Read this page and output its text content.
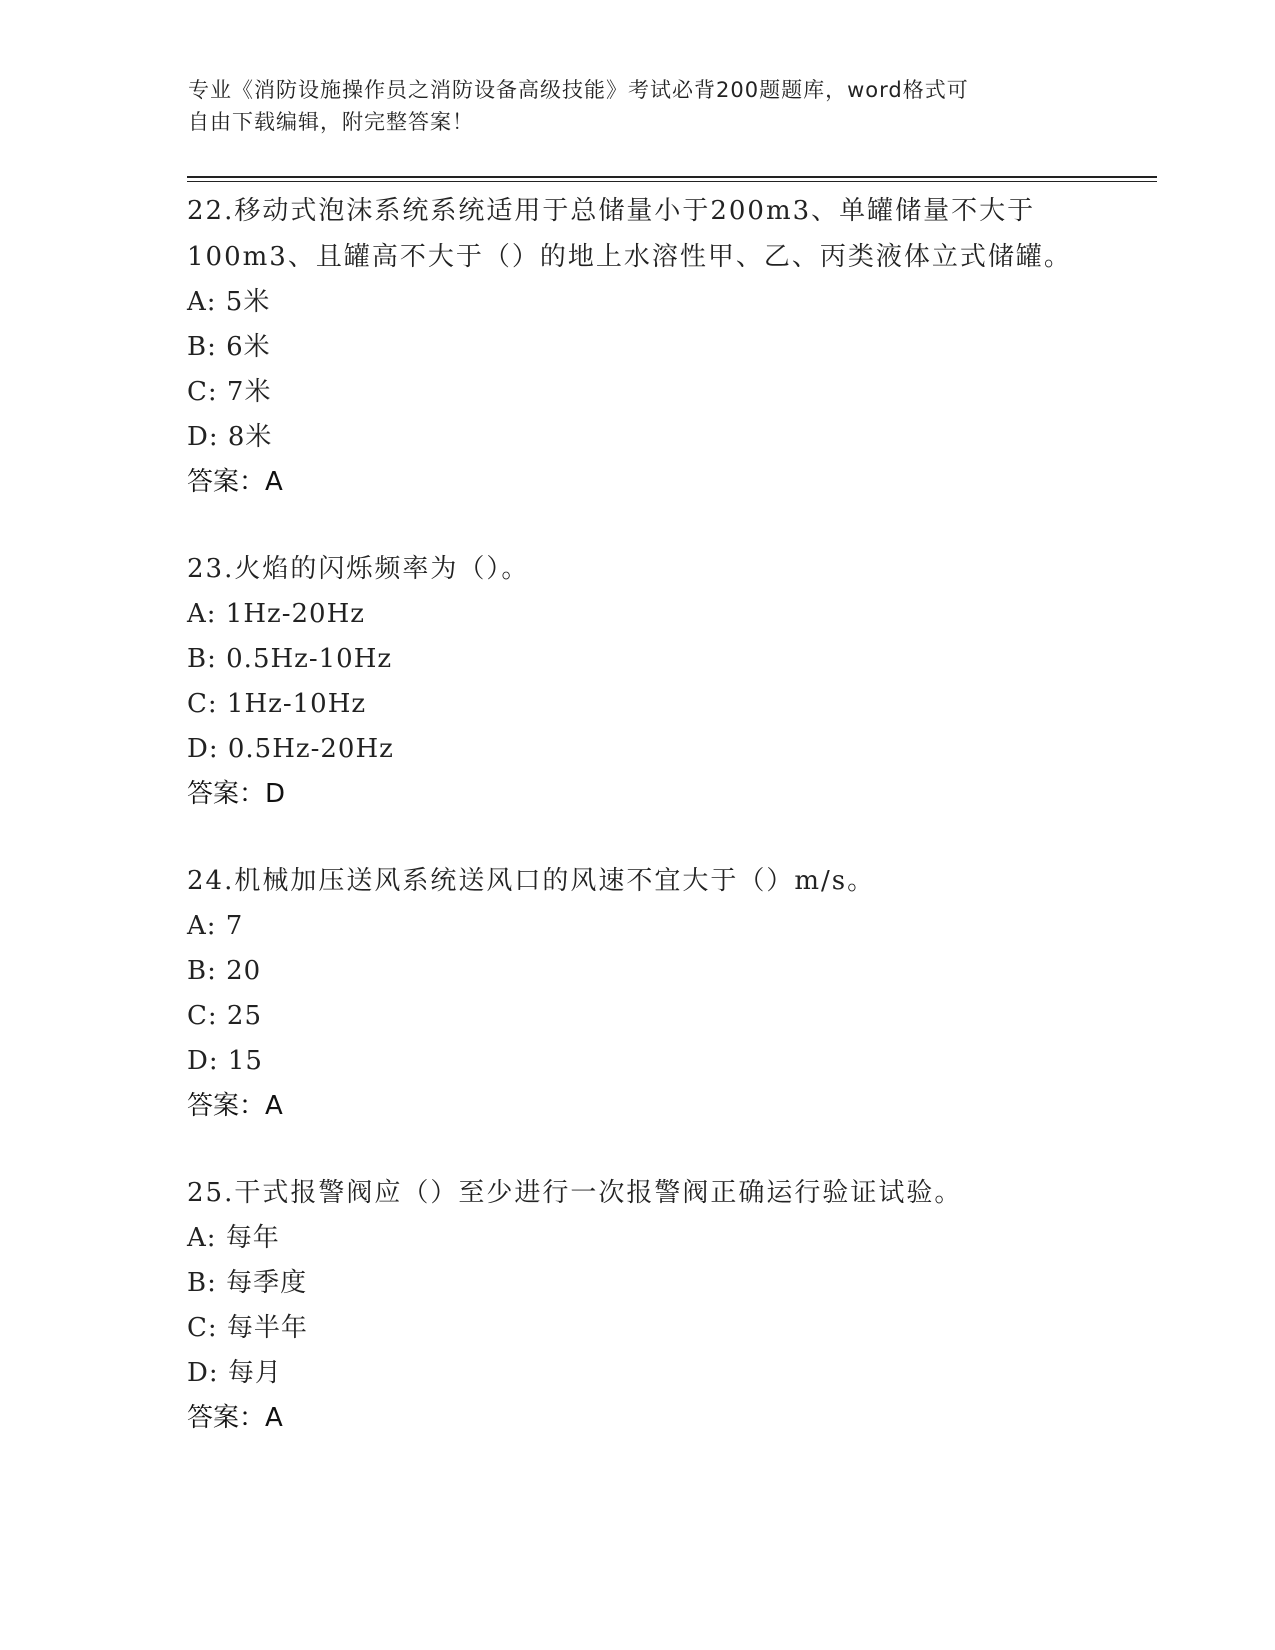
专业《消防设施操作员之消防设备高级技能》考试必背200题题库，word格式可

自由下载编辑，附完整答案！

22.移动式泡沫系统系统适用于总储量小于200m3、单罐储量不大于100m3、且罐高不大于（）的地上水溶性甲、乙、丙类液体立式储罐。

A: 5米

B: 6米

C: 7米

D: 8米

答案：A

23.火焰的闪烁频率为（）。

A: 1Hz-20Hz

B: 0.5Hz-10Hz

C: 1Hz-10Hz

D: 0.5Hz-20Hz

答案：D

24.机械加压送风系统送风口的风速不宜大于（）m/s。

A: 7

B: 20

C: 25

D: 15

答案：A

25.干式报警阀应（）至少进行一次报警阀正确运行验证试验。

A: 每年

B: 每季度

C: 每半年

D: 每月

答案：A
